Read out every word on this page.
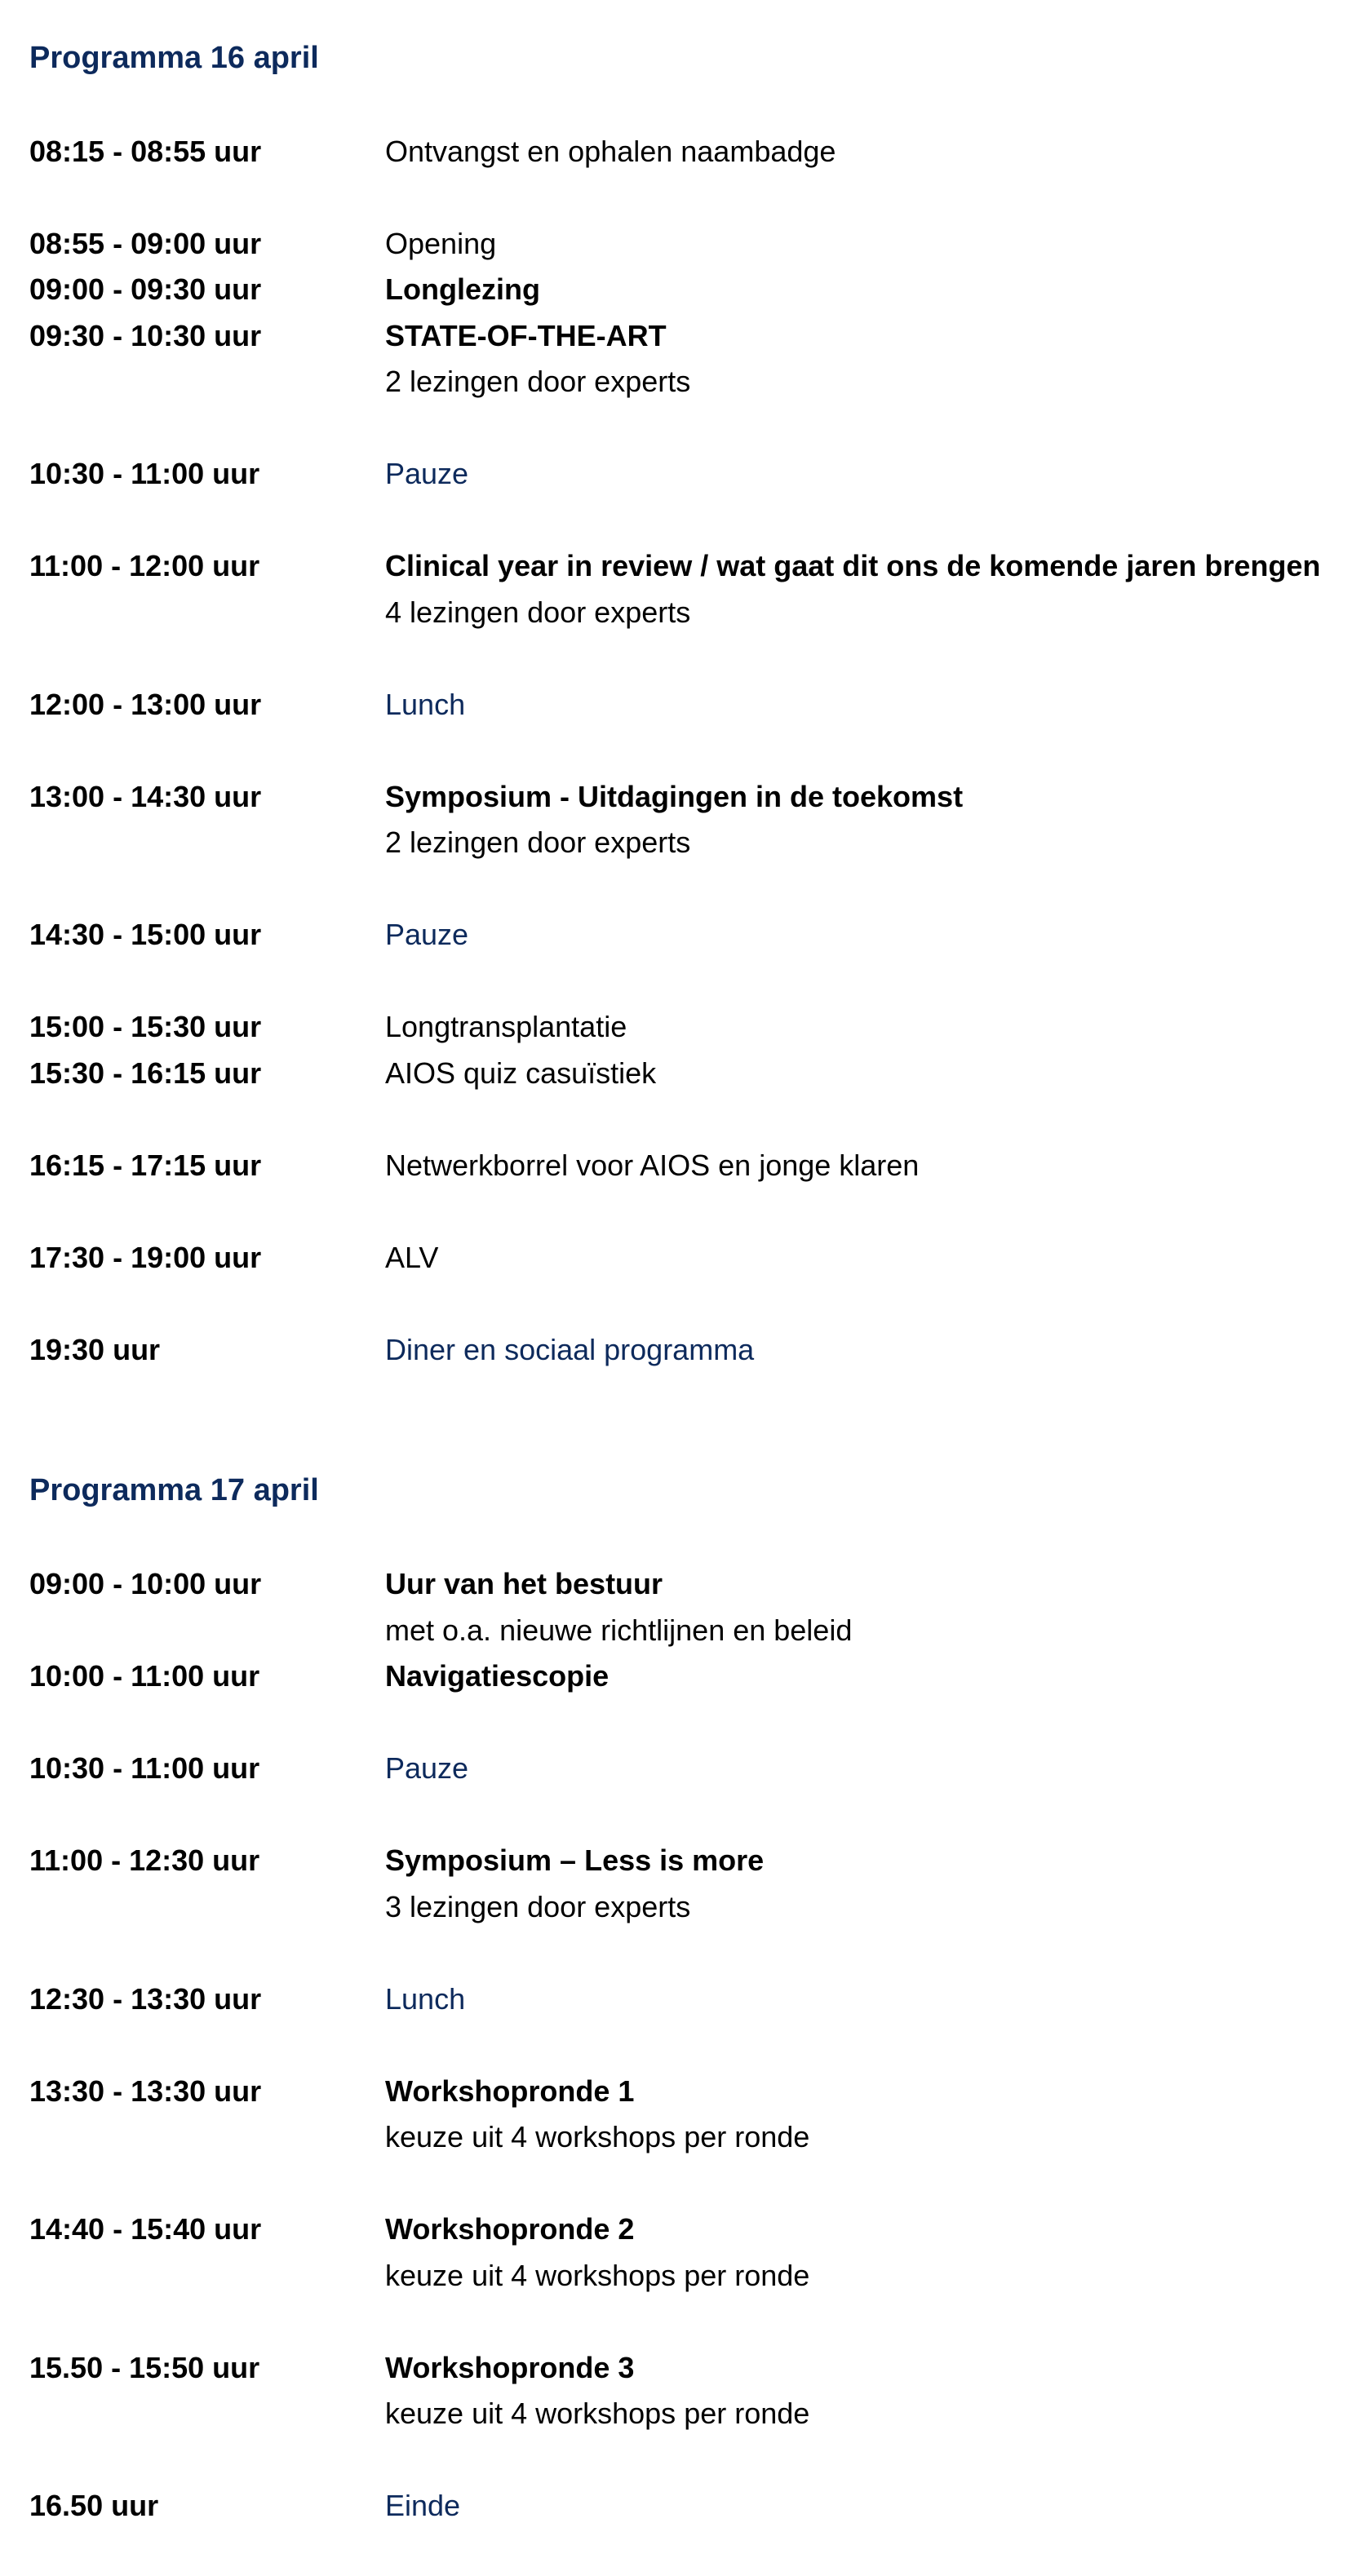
Programma 16 april
08:15 - 08:55 uur	Ontvangst en ophalen naambadge
08:55 - 09:00 uur	Opening
09:00 - 09:30 uur	Longlezing
09:30 - 10:30 uur	STATE-OF-THE-ART
2 lezingen door experts
10:30 - 11:00 uur	Pauze
11:00 - 12:00 uur	Clinical year in review / wat gaat dit ons de komende jaren brengen
4 lezingen door experts
12:00 - 13:00 uur	Lunch
13:00 - 14:30 uur	Symposium - Uitdagingen in de toekomst
2 lezingen door experts
14:30 - 15:00 uur	Pauze
15:00 - 15:30 uur	Longtransplantatie
15:30 - 16:15 uur	AIOS quiz casuïstiek
16:15 - 17:15 uur	Netwerkborrel voor AIOS en jonge klaren
17:30 - 19:00 uur	ALV
19:30 uur	Diner en sociaal programma
Programma 17 april
09:00 - 10:00 uur	Uur van het bestuur
met o.a. nieuwe richtlijnen en beleid
10:00 - 11:00 uur	Navigatiescopie
10:30 - 11:00 uur	Pauze
11:00 - 12:30 uur	Symposium – Less is more
3 lezingen door experts
12:30 - 13:30 uur	Lunch
13:30 - 13:30 uur	Workshopronde 1
keuze uit 4 workshops per ronde
14:40 - 15:40 uur	Workshopronde 2
keuze uit 4 workshops per ronde
15.50 - 15:50 uur	Workshopronde 3
keuze uit 4 workshops per ronde
16.50 uur	Einde
